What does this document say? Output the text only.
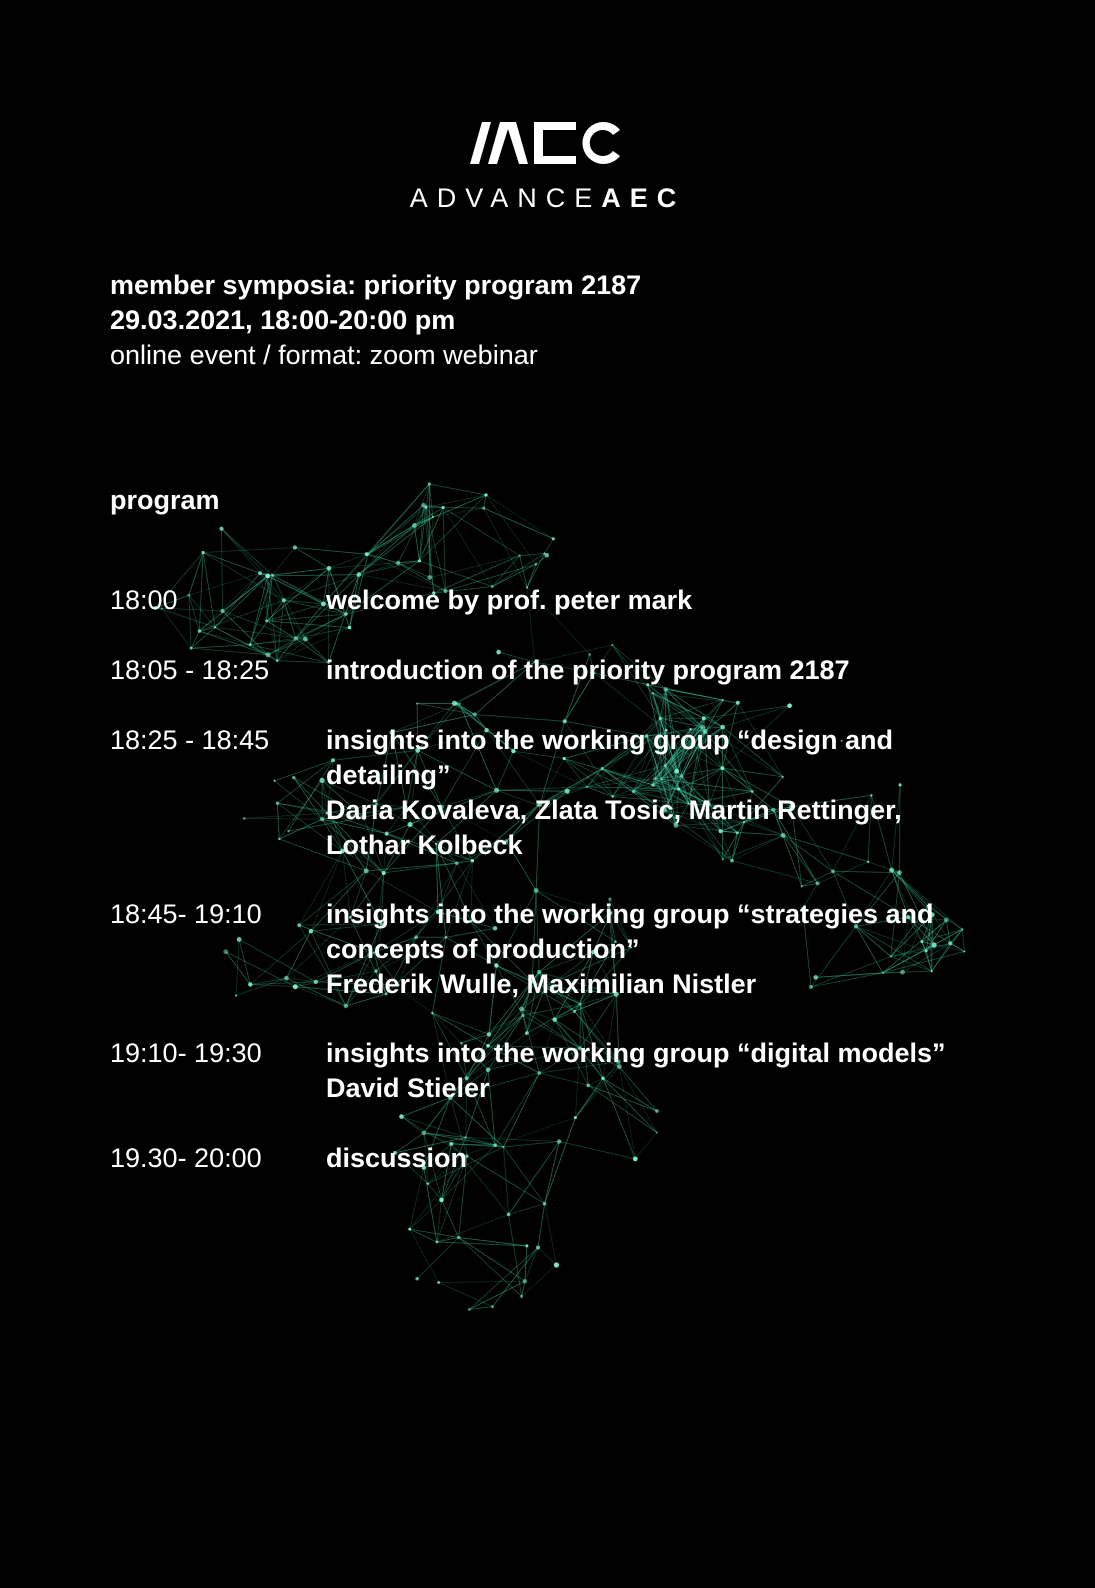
ADVANCEAEC
member symposia: priority program 2187
29.03.2021, 18:00-20:00 pm
online event / format: zoom webinar
program
18:00	welcome by prof. peter mark
18:05 - 18:25 introduction of the priority program 2187
18:25 - 18:45 insights into the working group “design and
detailing”
Daria Kovaleva, Zlata Tosic, Martin Rettinger,
Lothar Kolbeck
18:45- 19:10 insights into the working group “strategies and
concepts of production”
Frederik Wulle, Maximilian Nistler
19:10- 19:30 insights into the working group “digital models”
David Stieler
19.30- 20:00 discussion
